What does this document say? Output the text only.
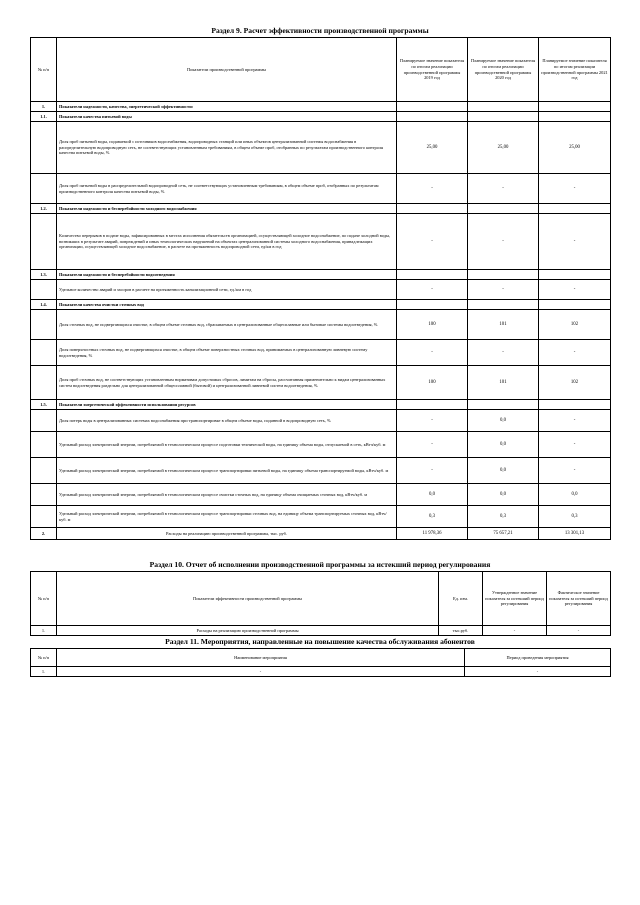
Раздел 9. Расчет эффективности производственной программы
№ п/п	Показатели производственной программы	Планируемое значение показателя по итогам реализации производственной программы 2019 год	Планируемое значение показателя по итогам реализации производственной программы 2020 год	Планируемое значение показателя по итогам реализации производственной программы 2021 год
1.	Показатели надежности, качества, энергетической эффективности:			
1.1.	Показатели качества питьевой воды			
	Доля проб питьевой воды, подаваемой с источников водоснабжения, водопроводных станций или иных объектов централизованной системы водоснабжения в распределительную водопроводную сеть, не соответствующих установленным требованиям, в общем объеме проб, отобранных по результатам производственного контроля качества питьевой воды, %	25,00	25,00	25,00
	Доля проб питьевой воды в распределительной водопроводной сеть, не соответствующих установленным требованиям, в общем объеме проб, отобранных по результатам производственного контроля качества питьевой воды, %	-	-	-
1.2.	Показатели надежности и бесперебойности холодного водоснабжения			
	Количество перерывов в подаче воды, зафиксированных в местах исполнения обязательств организацией, осуществляющей холодное водоснабжение, по подаче холодной воды, возникших в результате аварий, повреждений и иных технологических нарушений на объектах централизованной системы холодного водоснабжения, принадлежащих организации, осуществляющей холодное водоснабжение, в расчете на протяженность водопроводной сети, ед/км в год	-	-	-
1.3.	Показатели надежности и бесперебойности водоотведения			
	Удельное количество аварий и засоров в расчете на протяженность канализационной сети, ед./км в год	-	-	-
1.4.	Показатели качества очистки сточных вод			
	Доля сточных вод, не подвергающихся очистке, в общем объеме сточных вод, сбрасываемых в централизованные общесплавные или бытовые системы водоотведения, %	100	101	102
	Доля поверхностных сточных вод, не подвергающихся очистке, в общем объеме поверхностных сточных вод, принимаемых в централизованную ливневую систему водоотведения, %	-	-	-
	Доля проб сточных вод, не соответствующих установленным нормативам допустимых сбросов, лимитам на сбросы, рассчитанная применительно к видам централизованных систем водоотведения раздельно для централизованной общесплавной (бытовой) и централизованной ливневой систем водоотведения, %	100	101	102
1.5.	Показатели энергетической эффективности использования ресурсов			
	Доля потерь воды в централизованных системах водоснабжения при транспортировке в общем объеме воды, поданной в водопроводную сеть, %	-	0,0	-
	Удельный расход электрической энергии, потребляемой в технологическом процессе подготовки технической воды, на единицу объема воды, отпускаемой в сеть, кВтч/куб. м	-	0,0	-
	Удельный расход электрической энергии, потребляемой в технологическом процессе транспортировки питьевой воды, на единицу объема транспортируемой воды, кВтч/куб. м	-	0,0	-
	Удельный расход электрической энергии, потребляемой в технологическом процессе очистки сточных вод, на единицу объема очищаемых сточных вод, кВтч/куб. м	0,0	0,0	0,0
	Удельный расход электрической энергии, потребляемой в технологическом процессе транспортировки сточных вод, на единицу объема транспортируемых сточных вод, кВтч/куб. м	0,3	0,3	0,3
2.	Расходы на реализацию производственной программы, тыс. руб.	11 978,36	75 657,21	13 301,13
Раздел 10. Отчет об исполнении производственной программы за истекший период регулирования
№ п/п	Показатели эффективности производственной программы	Ед. изм.	Утвержденное значение показателя за истекший период регулирования	Фактическое значение показателя за истекший период регулирования
1.	Расходы на реализацию производственной программы	тыс.руб.	-	-
Раздел 11. Мероприятия, направленные на повышение качества обслуживания абонентов
№ п/п	Наименование мероприятия	Период проведения мероприятия
1.	-	-
